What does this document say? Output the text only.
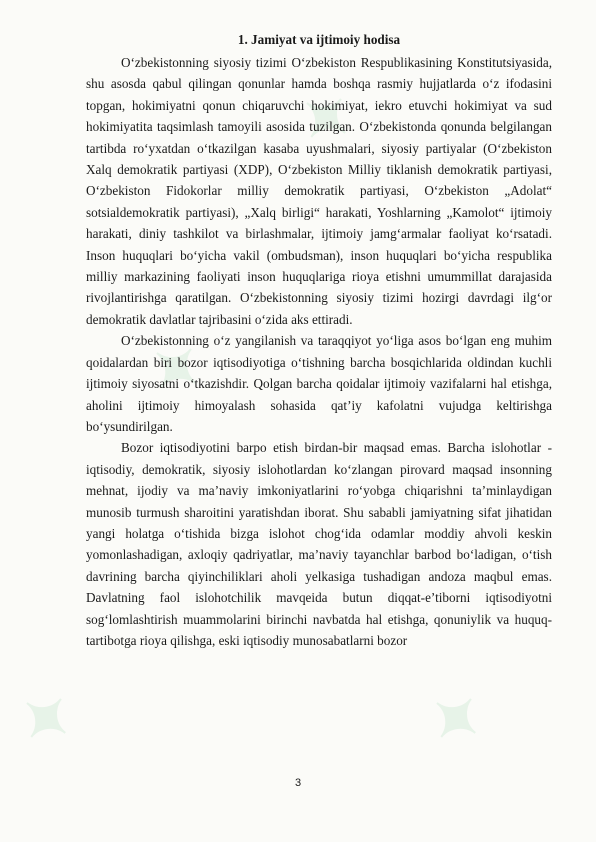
✦
✦
✦
✦
1. Jamiyat va ijtimoiy hodisa

O‘zbekistonning siyosiy tizimi O‘zbekiston Respublikasining Konstitutsiyasida, shu asosda qabul qilingan qonunlar hamda boshqa rasmiy hujjatlarda o‘z ifodasini topgan, hokimiyatni qonun chiqaruvchi hokimiyat, iekro etuvchi hokimiyat va sud hokimiyatita taqsimlash tamoyili asosida tuzilgan. O‘zbekistonda qonunda belgilangan tartibda ro‘yxatdan o‘tkazilgan kasaba uyushmalari, siyosiy partiyalar (O‘zbekiston Xalq demokratik partiyasi (XDP), O‘zbekiston Milliy tiklanish demokratik partiyasi, O‘zbekiston Fidokorlar milliy demokratik partiyasi, O‘zbekiston „Adolat“ sotsialdemokratik partiyasi), „Xalq birligi“ harakati, Yoshlarning „Kamolot“ ijtimoiy harakati, diniy tashkilot va birlashmalar, ijtimoiy jamg‘armalar faoliyat ko‘rsatadi. Inson huquqlari bo‘yicha vakil (ombudsman), inson huquqlari bo‘yicha respublika milliy markazining faoliyati inson huquqlariga rioya etishni umummillat darajasida rivojlantirishga qaratilgan. O‘zbekistonning siyosiy tizimi hozirgi davrdagi ilg‘or demokratik davlatlar tajribasini o‘zida aks ettiradi.

O‘zbekistonning o‘z yangilanish va taraqqiyot yo‘liga asos bo‘lgan eng muhim qoidalardan biri bozor iqtisodiyotiga o‘tishning barcha bosqichlarida oldindan kuchli ijtimoiy siyosatni o‘tkazishdir. Qolgan barcha qoidalar ijtimoiy vazifalarni hal etishga, aholini ijtimoiy himoyalash sohasida qat’iy kafolatni vujudga keltirishga bo‘ysundirilgan.

Bozor iqtisodiyotini barpo etish birdan-bir maqsad emas. Barcha islohotlar - iqtisodiy, demokratik, siyosiy islohotlardan ko‘zlangan pirovard maqsad insonning mehnat, ijodiy va ma’naviy imkoniyatlarini ro‘yobga chiqarishni ta’minlaydigan munosib turmush sharoitini yaratishdan iborat. Shu sababli jamiyatning sifat jihatidan yangi holatga o‘tishida bizga islohot chog‘ida odamlar moddiy ahvoli keskin yomonlashadigan, axloqiy qadriyatlar, ma’naviy tayanchlar barbod bo‘ladigan, o‘tish davrining barcha qiyinchiliklari aholi yelkasiga tushadigan andoza maqbul emas. Davlatning faol islohotchilik mavqeida butun diqqat-e’tiborni iqtisodiyotni sog‘lomlashtirish muammolarini birinchi navbatda hal etishga, qonuniylik va huquq-tartibotga rioya qilishga, eski iqtisodiy munosabatlarni bozor

3
